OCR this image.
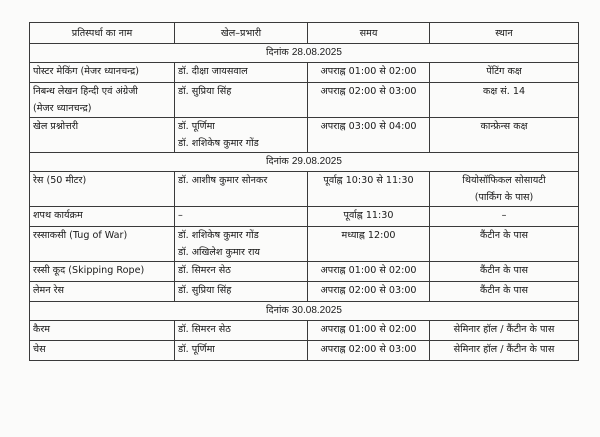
प्रतिस्पर्धा का नाम	खेल–प्रभारी	समय	स्थान
दिनांक 28.08.2025			

पोस्टर मेकिंग (मेजर ध्यानचन्द्र)	डॉ. दीक्षा जायसवाल	अपराह्न 01:00 से 02:00	पेंटिंग कक्ष

निबन्ध लेखन हिन्दी एवं अंग्रेजी
(मेजर ध्यानचन्द्र)	डॉ. सुप्रिया सिंह	अपराह्न 02:00 से 03:00	कक्ष सं. 14

खेल प्रश्नोत्तरी	डॉ. पूर्णिमा
डॉ. शशिकेष कुमार गोंड	अपराह्न 03:00 से 04:00	कान्फ्रेन्स कक्ष

दिनांक 29.08.2025			

रेस (50 मीटर)	डॉ. आशीष कुमार सोनकर	पूर्वाह्न 10:30 से 11:30	थियोसॉफिकल सोसायटी
(पार्किंग के पास)

शपथ कार्यक्रम	–	पूर्वाह्न 11:30	–

रस्साकसी (Tug of War)	डॉ. शशिकेष कुमार गोंड
डॉ. अखिलेश कुमार राय	मध्याह्न 12:00	कैंटीन के पास

रस्सी कूद (Skipping Rope)	डॉ. सिमरन सेठ	अपराह्न 01:00 से 02:00	कैंटीन के पास

लेमन रेस	डॉ. सुप्रिया सिंह	अपराह्न 02:00 से 03:00	कैंटीन के पास

दिनांक 30.08.2025			

कैरम	डॉ. सिमरन सेठ	अपराह्न 01:00 से 02:00	सेमिनार हॉल / कैंटीन के पास

चेस	डॉ. पूर्णिमा	अपराह्न 02:00 से 03:00	सेमिनार हॉल / कैंटीन के पास
